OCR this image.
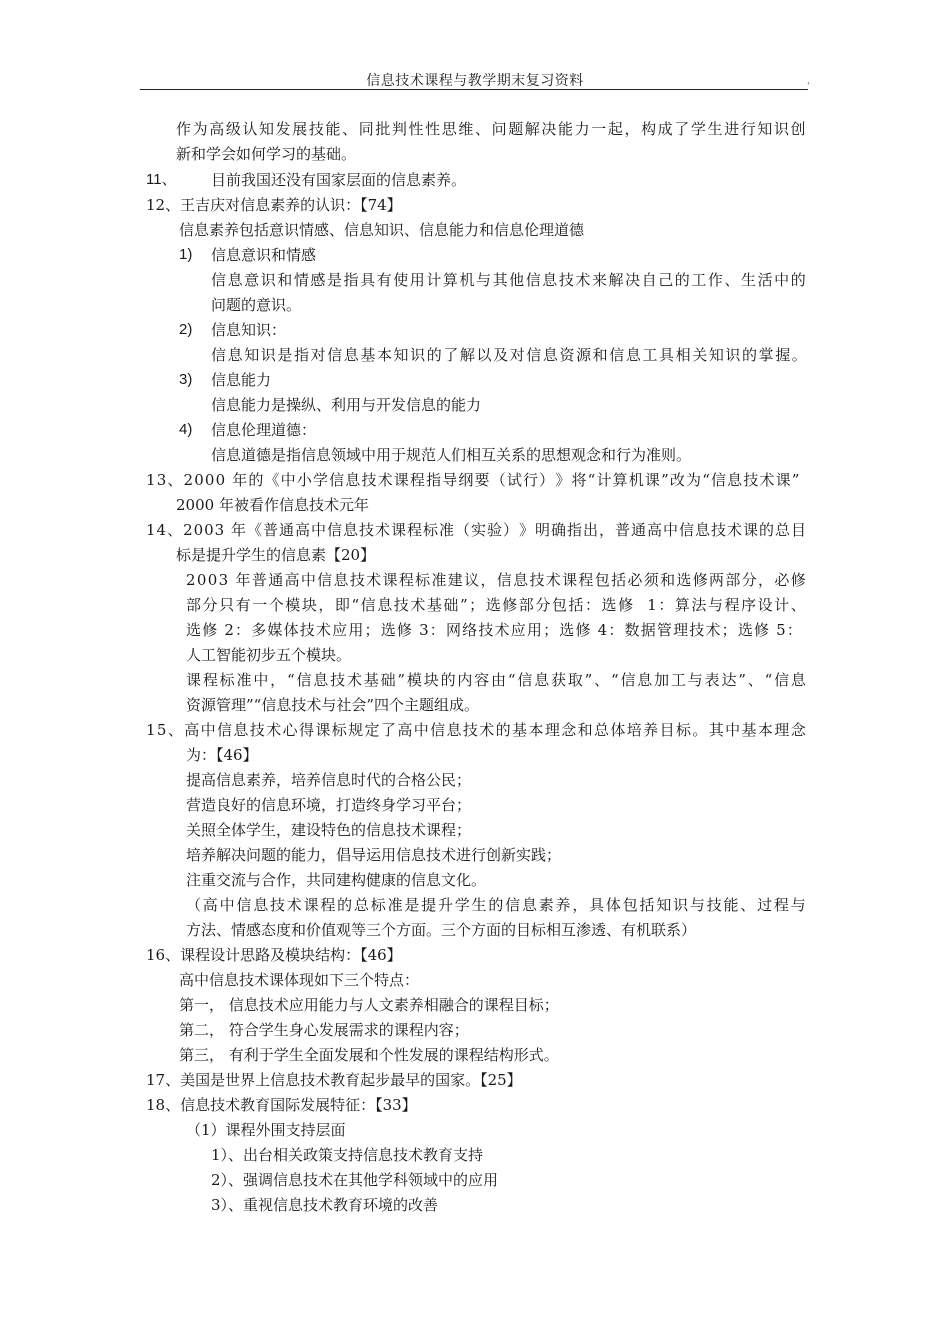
信息技术课程与教学期末复习资料	'
作 为 高 级 认 知 发 展 技 能 、 同 批 判 性 性 思 维 、 问 题 解 决 能 力 一 起 ， 构 成 了 学 生 进 行 知 识 创
新和学会如何学习的基础。
11、 目前我国还没有国家层面的信息素养。
12、王吉庆对信息素养的认识：【74】
信息素养包括意识情感、信息知识、信息能力和信息伦理道德
1) 信息意识和情感
信 息 意 识 和 情 感 是 指 具 有 使 用 计 算 机 与 其 他 信 息 技 术 来 解 决 自 己 的 工 作 、 生 活 中 的
问题的意识。
2) 信息知识：
信 息 知 识 是 指 对 信 息 基 本 知 识 的 了 解 以 及 对 信 息 资 源 和 信 息 工 具 相 关 知 识 的 掌 握 。
3) 信息能力
信息能力是操纵、利用与开发信息的能力
4) 信息伦理道德：
信息道德是指信息领域中用于规范人们相互关系的思想观念和行为准则。
1 3 、 2 0 0 0
年 的 《 中 小 学 信 息 技 术 课 程 指 导 纲 要 （ 试 行 ） 》 将 “ 计 算 机 课 ” 改 为 “ 信 息 技 术 课 ”
2000 年被看作信息技术元年
1 4 、 2 0 0 3
年 《 普 通 高 中 信 息 技 术 课 程 标 准 （ 实 验 ） 》 明 确 指 出 ， 普 通 高 中 信 息 技 术 课 的 总 目
标是提升学生的信息素【20】
2 0 0 3
年 普 通 高 中 信 息 技 术 课 程 标 准 建 议 ， 信 息 技 术 课 程 包 括 必 须 和 选 修 两 部 分 ， 必 修
部 分 只 有 一 个 模 块 ， 即 “ 信 息 技 术 基 础 ” ； 选 修 部 分 包 括 ： 选 修

1 ： 算 法 与 程 序 设 计 、
选 修
2 ： 多 媒 体 技 术 应 用 ； 选 修
3 ： 网 络 技 术 应 用 ； 选 修
4 ： 数 据 管 理 技 术 ； 选 修
5 ：
人工智能初步五个模块。
课 程 标 准 中 ， “ 信 息 技 术 基 础 ” 模 块 的 内 容 由 “ 信 息 获 取 ” 、 “ 信 息 加 工 与 表 达 ” 、 “ 信 息
资源管理”“信息技术与社会”四个主题组成。
1 5 、 高 中 信 息 技 术 心 得 课 标 规 定 了 高 中 信 息 技 术 的 基 本 理 念 和 总 体 培 养 目 标 。 其 中 基 本 理 念
为：【46】
提高信息素养，培养信息时代的合格公民；
营造良好的信息环境，打造终身学习平台；
关照全体学生，建设特色的信息技术课程；
培养解决问题的能力，倡导运用信息技术进行创新实践；
注重交流与合作，共同建构健康的信息文化。
（ 高 中 信 息 技 术 课 程 的 总 标 准 是 提 升 学 生 的 信 息 素 养 ， 具 体 包 括 知 识 与 技 能 、 过 程 与
方法、情感态度和价值观等三个方面。三个方面的目标相互渗透、有机联系）
16、课程设计思路及模块结构：【46】
高中信息技术课体现如下三个特点：
第一， 信息技术应用能力与人文素养相融合的课程目标；
第二， 符合学生身心发展需求的课程内容；
第三， 有利于学生全面发展和个性发展的课程结构形式。
17、美国是世界上信息技术教育起步最早的国家。【25】
18、信息技术教育国际发展特征：【33】
（1）课程外围支持层面
1）、出台相关政策支持信息技术教育支持
2）、强调信息技术在其他学科领域中的应用
3）、重视信息技术教育环境的改善
